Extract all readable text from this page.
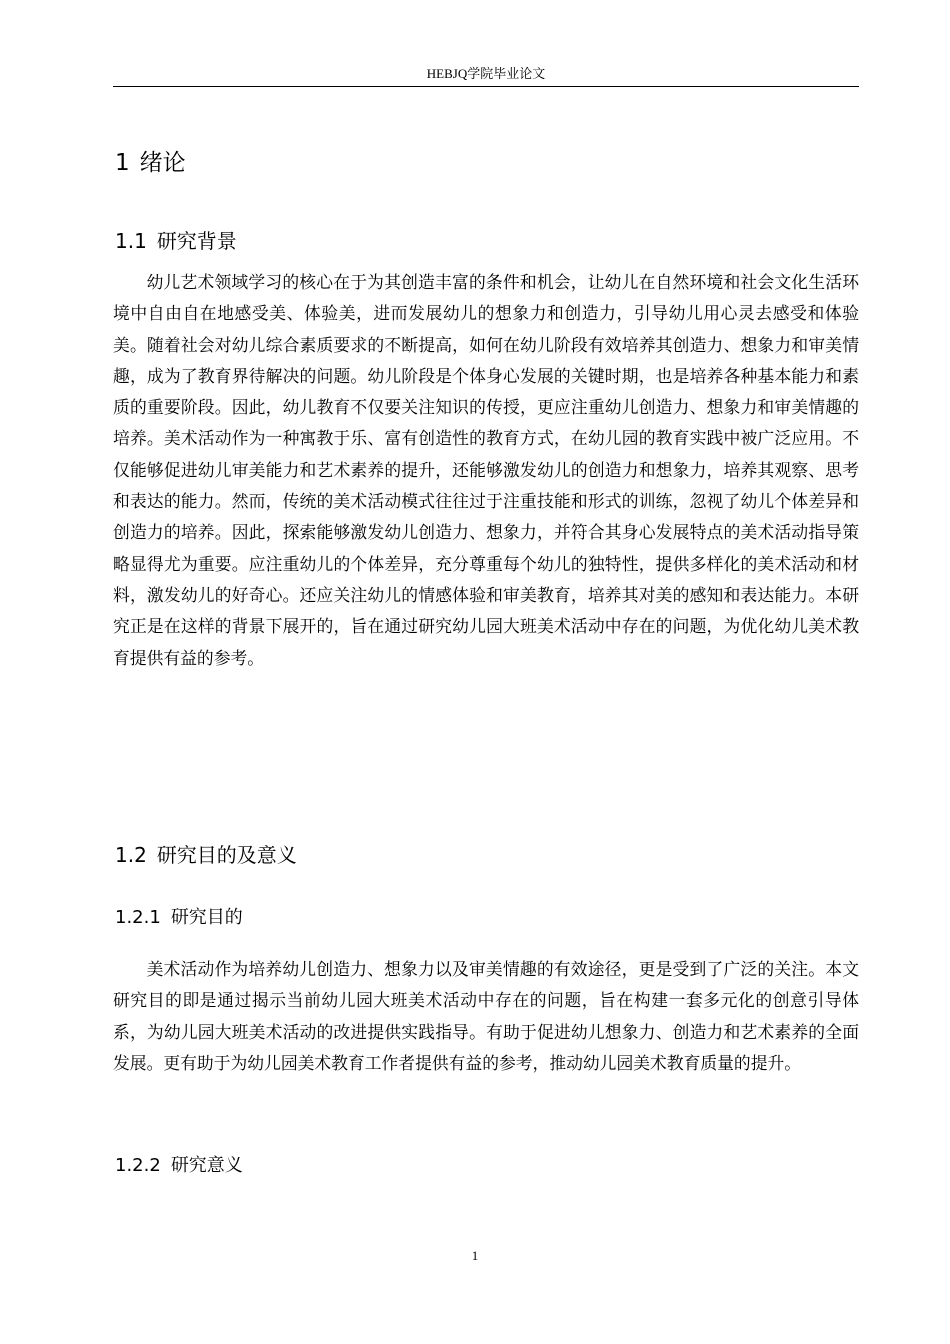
HEBJQ学院毕业论文
1 绪论
1.1 研究背景

幼儿艺术领域学习的核心在于为其创造丰富的条件和机会，让幼儿在自然环境和社会文化生活环境中自由自在地感受美、体验美，进而发展幼儿的想象力和创造力，引导幼儿用心灵去感受和体验美。随着社会对幼儿综合素质要求的不断提高，如何在幼儿阶段有效培养其创造力、想象力和审美情趣，成为了教育界待解决的问题。幼儿阶段是个体身心发展的关键时期，也是培养各种基本能力和素质的重要阶段。因此，幼儿教育不仅要关注知识的传授，更应注重幼儿创造力、想象力和审美情趣的培养。美术活动作为一种寓教于乐、富有创造性的教育方式，在幼儿园的教育实践中被广泛应用。不仅能够促进幼儿审美能力和艺术素养的提升，还能够激发幼儿的创造力和想象力，培养其观察、思考和表达的能力。然而，传统的美术活动模式往往过于注重技能和形式的训练，忽视了幼儿个体差异和创造力的培养。因此，探索能够激发幼儿创造力、想象力，并符合其身心发展特点的美术活动指导策略显得尤为重要。应注重幼儿的个体差异，充分尊重每个幼儿的独特性，提供多样化的美术活动和材料，激发幼儿的好奇心。还应关注幼儿的情感体验和审美教育，培养其对美的感知和表达能力。本研究正是在这样的背景下展开的，旨在通过研究幼儿园大班美术活动中存在的问题，为优化幼儿美术教育提供有益的参考。

1.2 研究目的及意义
1.2.1 研究目的

美术活动作为培养幼儿创造力、想象力以及审美情趣的有效途径，更是受到了广泛的关注。本文研究目的即是通过揭示当前幼儿园大班美术活动中存在的问题，旨在构建一套多元化的创意引导体系，为幼儿园大班美术活动的改进提供实践指导。有助于促进幼儿想象力、创造力和艺术素养的全面发展。更有助于为幼儿园美术教育工作者提供有益的参考，推动幼儿园美术教育质量的提升。

1.2.2 研究意义
1
